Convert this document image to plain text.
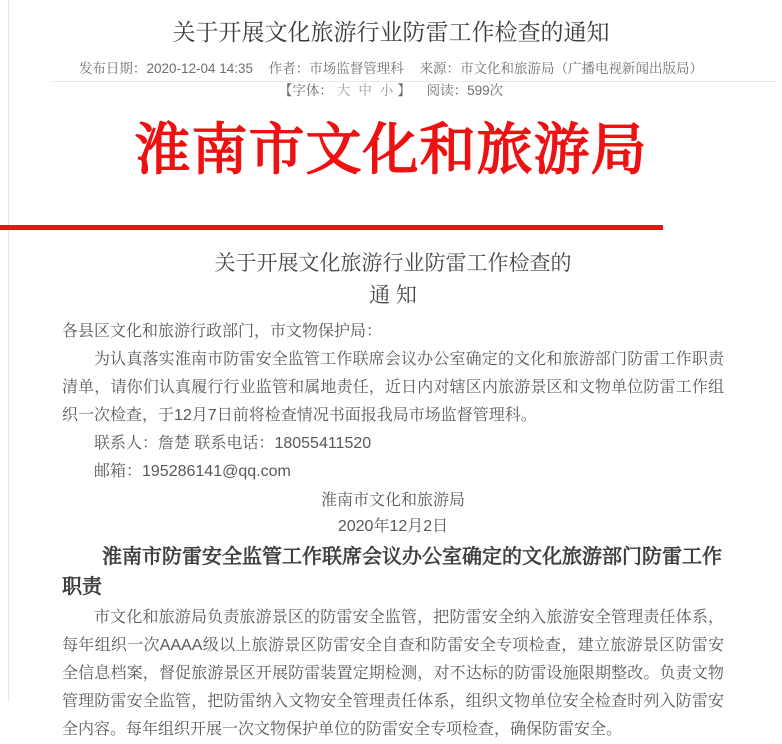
关于开展文化旅游行业防雷工作检查的通知
发布日期：2020-12-04 14:35 作者：市场监督管理科 来源：市文化和旅游局（广播电视新闻出版局） 【字体： 大 中 小 】 阅读：599次
淮南市文化和旅游局
关于开展文化旅游行业防雷工作检查的
通 知
各县区文化和旅游行政部门，市文物保护局：
为认真落实淮南市防雷安全监管工作联席会议办公室确定的文化和旅游部门防雷工作职责清单，请你们认真履行行业监管和属地责任，近日内对辖区内旅游景区和文物单位防雷工作组织一次检查，于12月7日前将检查情况书面报我局市场监督管理科。
联系人：詹楚 联系电话：18055411520
邮箱：195286141@qq.com
淮南市文化和旅游局
2020年12月2日
淮南市防雷安全监管工作联席会议办公室确定的文化旅游部门防雷工作职责
市文化和旅游局负责旅游景区的防雷安全监管，把防雷安全纳入旅游安全管理责任体系，每年组织一次AAAA级以上旅游景区防雷安全自查和防雷安全专项检查，建立旅游景区防雷安全信息档案，督促旅游景区开展防雷装置定期检测，对不达标的防雷设施限期整改。负责文物管理防雷安全监管，把防雷纳入文物安全管理责任体系，组织文物单位安全检查时列入防雷安全内容。每年组织开展一次文物保护单位的防雷安全专项检查，确保防雷安全。
